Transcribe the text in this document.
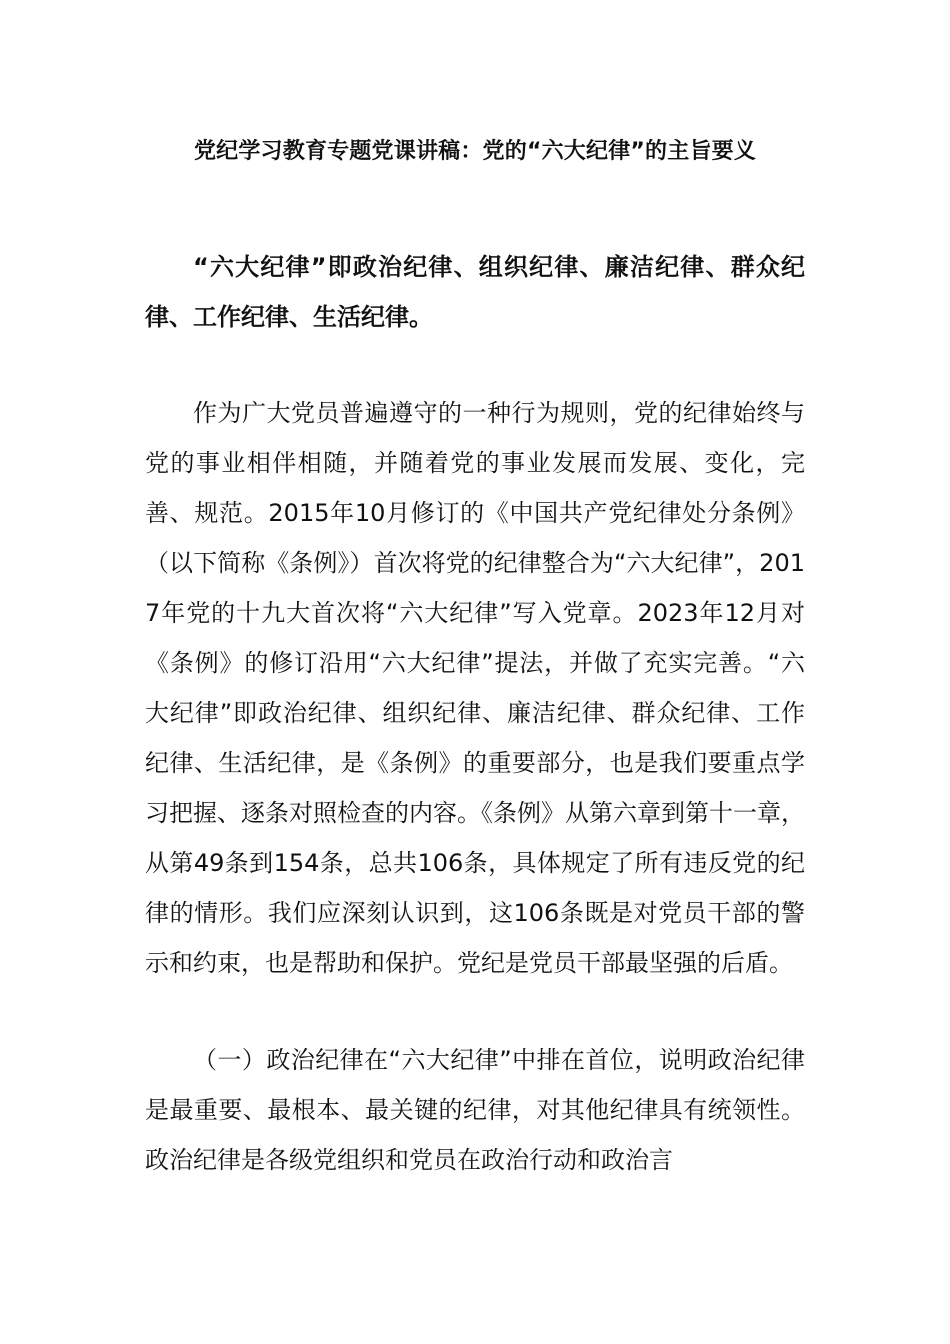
党纪学习教育专题党课讲稿：党的“六大纪律”的主旨要义

“六大纪律”即政治纪律、组织纪律、廉洁纪律、群众纪律、工作纪律、生活纪律。

作为广大党员普遍遵守的一种行为规则，党的纪律始终与党的事业相伴相随，并随着党的事业发展而发展、变化，完善、规范。2015年10月修订的《中国共产党纪律处分条例》（以下简称《条例》）首次将党的纪律整合为“六大纪律”，2017年党的十九大首次将“六大纪律”写入党章。2023年12月对《条例》的修订沿用“六大纪律”提法，并做了充实完善。“六大纪律”即政治纪律、组织纪律、廉洁纪律、群众纪律、工作纪律、生活纪律，是《条例》的重要部分，也是我们要重点学习把握、逐条对照检查的内容。《条例》从第六章到第十一章，从第49条到154条，总共106条，具体规定了所有违反党的纪律的情形。我们应深刻认识到，这106条既是对党员干部的警示和约束，也是帮助和保护。党纪是党员干部最坚强的后盾。

（一）政治纪律在“六大纪律”中排在首位，说明政治纪律是最重要、最根本、最关键的纪律，对其他纪律具有统领性。政治纪律是各级党组织和党员在政治行动和政治言
